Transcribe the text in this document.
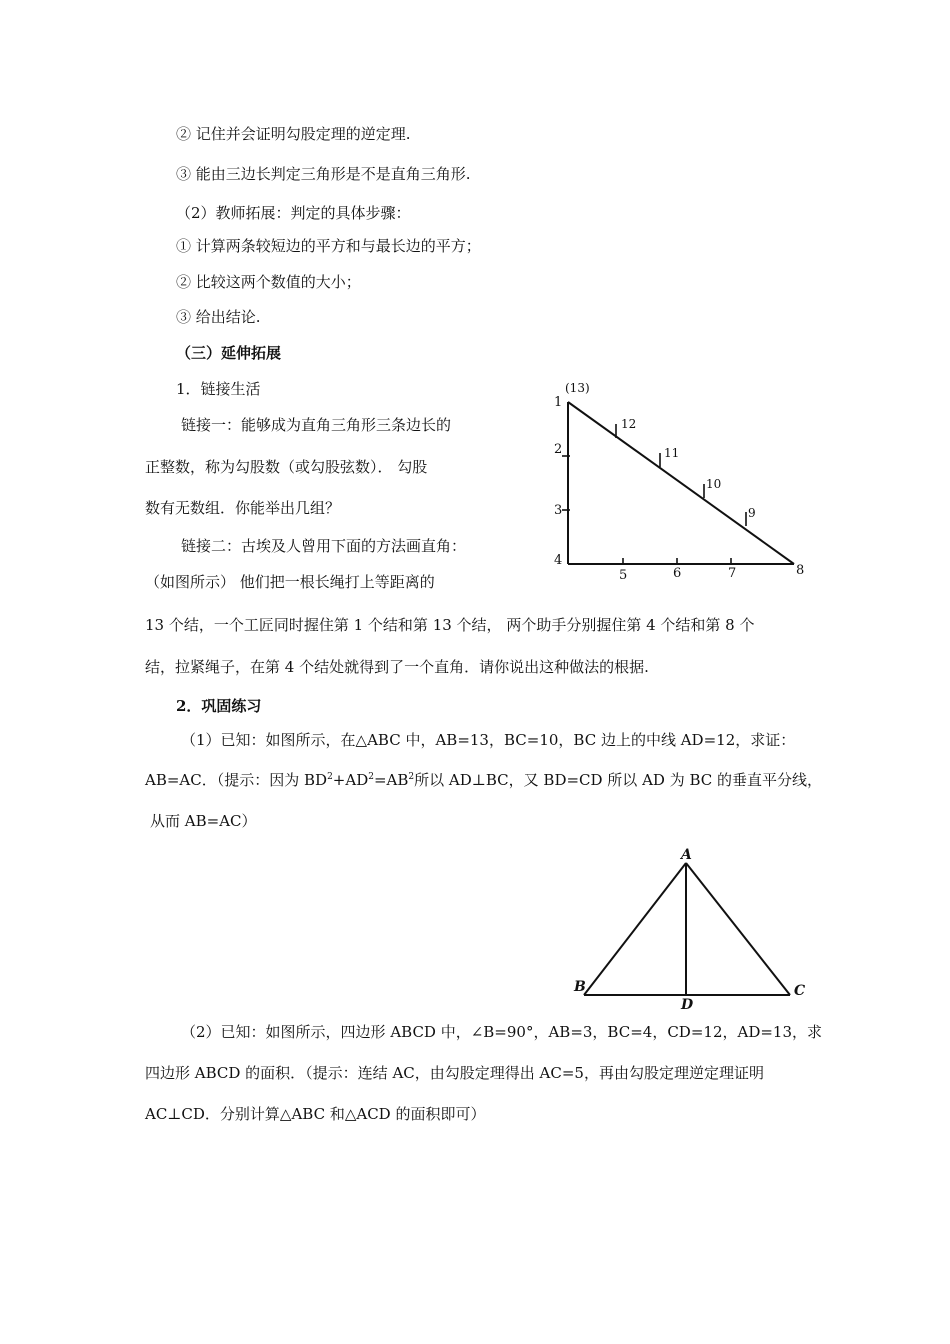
② 记住并会证明勾股定理的逆定理.
③ 能由三边长判定三角形是不是直角三角形.
（2）教师拓展：判定的具体步骤：
① 计算两条较短边的平方和与最长边的平方；
② 比较这两个数值的大小；
③ 给出结论.
（三）延伸拓展
1．链接生活
链接一：能够成为直角三角形三条边长的
正整数，称为勾股数（或勾股弦数）． 勾股
数有无数组．你能举出几组？
链接二：古埃及人曾用下面的方法画直角：
（如图所示） 他们把一根长绳打上等距离的
13 个结，一个工匠同时握住第 1 个结和第 13 个结， 两个助手分别握住第 4 个结和第 8 个
结，拉紧绳子，在第 4 个结处就得到了一个直角．请你说出这种做法的根据.
(13)
1
2
3
4
5	6	7	8
12
11
10
9
2．巩固练习
（1）已知：如图所示，在△ABC 中，AB=13，BC=10，BC 边上的中线 AD=12，求证：
AB=AC．（提示：因为 $BD^2+AD^2=AB^2$所以 AD⊥BC，又 BD=CD 所以 AD 为 BC 的垂直平分线，
从而 AB=AC）
A
B	C
D
（2）已知：如图所示，四边形 ABCD 中，∠B=90°，AB=3，BC=4，CD=12，AD=13，求
四边形 ABCD 的面积．（提示：连结 AC，由勾股定理得出 AC=5，再由勾股定理逆定理证明
AC⊥CD．分别计算△ABC 和△ACD 的面积即可）
